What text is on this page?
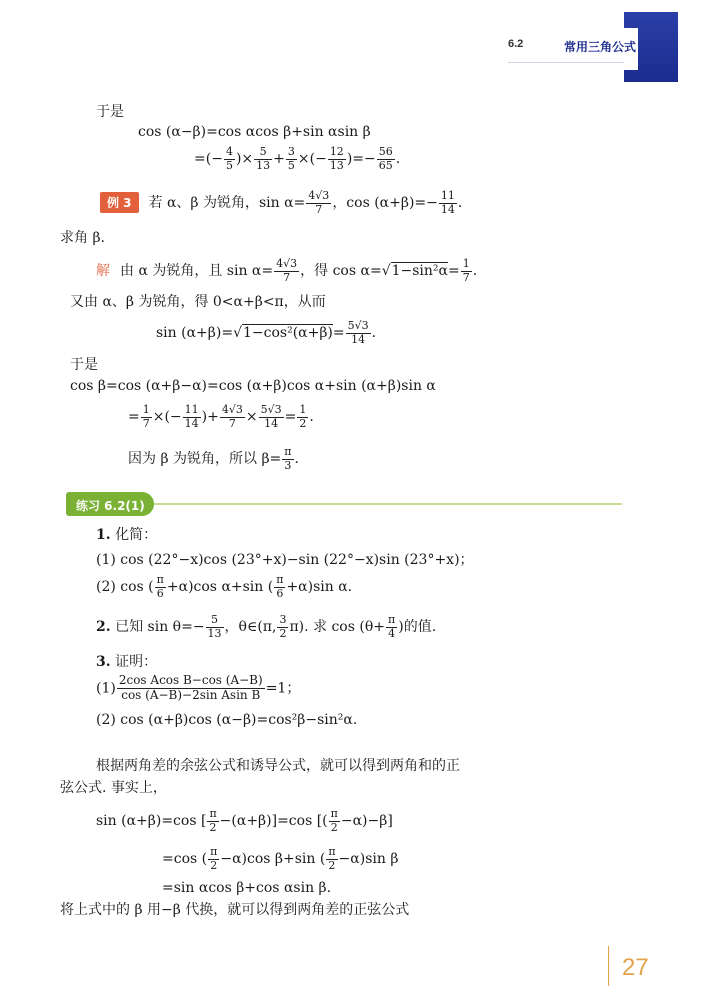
6.2	常用三角公式
于是
cos (α−β)=cos αcos β+sin αsin β
=(− $\frac{4}{5}$ )× $\frac{5}{13} + \frac{3}{5}$ ×(− $\frac{12}{13}$ )=− $\frac{56}{65}$ .
例 3 若 α、β 为锐角，$\sin \alpha= \frac{4√3}{7}$ ，$\cos (\alpha+\beta)=- \frac{11}{14}$ .
求角 β.
解 由 α 为锐角，且 $\sin \alpha= \frac{4√3}{7}$ ，得 $\cos \alpha=√1-\sin^2\alpha= \frac{1}{7}$ .
又由 α、β 为锐角，得 0<α+β<π，从而
$\sin (\alpha+\beta)=√1-\cos^2(\alpha+\beta)= \frac{5√3}{14}$ .
于是
cos β=cos (α+β−α)=cos (α+β)cos α+sin (α+β)sin α
= $\frac{1}{7}$ ×(− $\frac{11}{14}$ )+ $\frac{4√3}{7} \times \frac{5√3}{14} = \frac{1}{2}$ .
因为 β 为锐角，所以 $\beta= \frac{\pi}{3}$ .
练习 6.2(1)
1. 化简：
(1) cos (22°−x)cos (23°+x)−sin (22°−x)sin (23°+x)；
(2) cos ( $\frac{\pi}{6} +\alpha)\cos$ α+sin ( $\frac{\pi}{6} +\alpha)\sin$ α.
2. 已知 $\sin \theta=- \frac{5}{13}$ ，θ∈(π, $\frac{3}{2} \pi$). 求 $\cos (\theta+ \frac{\pi}{4}$ )的值.
3. 证明：
$(1) \frac{\text{2cos Acos B−cos (A−B)}}{\text{cos (A−B)−2sin Asin B}} =1$；
(2) cos (α+β)cos (α−β)=cos²β−sin²α.
根据两角差的余弦公式和诱导公式，就可以得到两角和的正
弦公式. 事实上，
sin (α+β)=cos [ $\frac{\pi}{2} -(\alpha+\beta)]=\cos$ [( $\frac{\pi}{2} -\alpha)-\beta$]
=cos ( $\frac{\pi}{2} -\alpha)\cos$ β+sin ( $\frac{\pi}{2} -\alpha)\sin$ β
=sin αcos β+cos αsin β.
将上式中的 β 用−β 代换，就可以得到两角差的正弦公式
27
